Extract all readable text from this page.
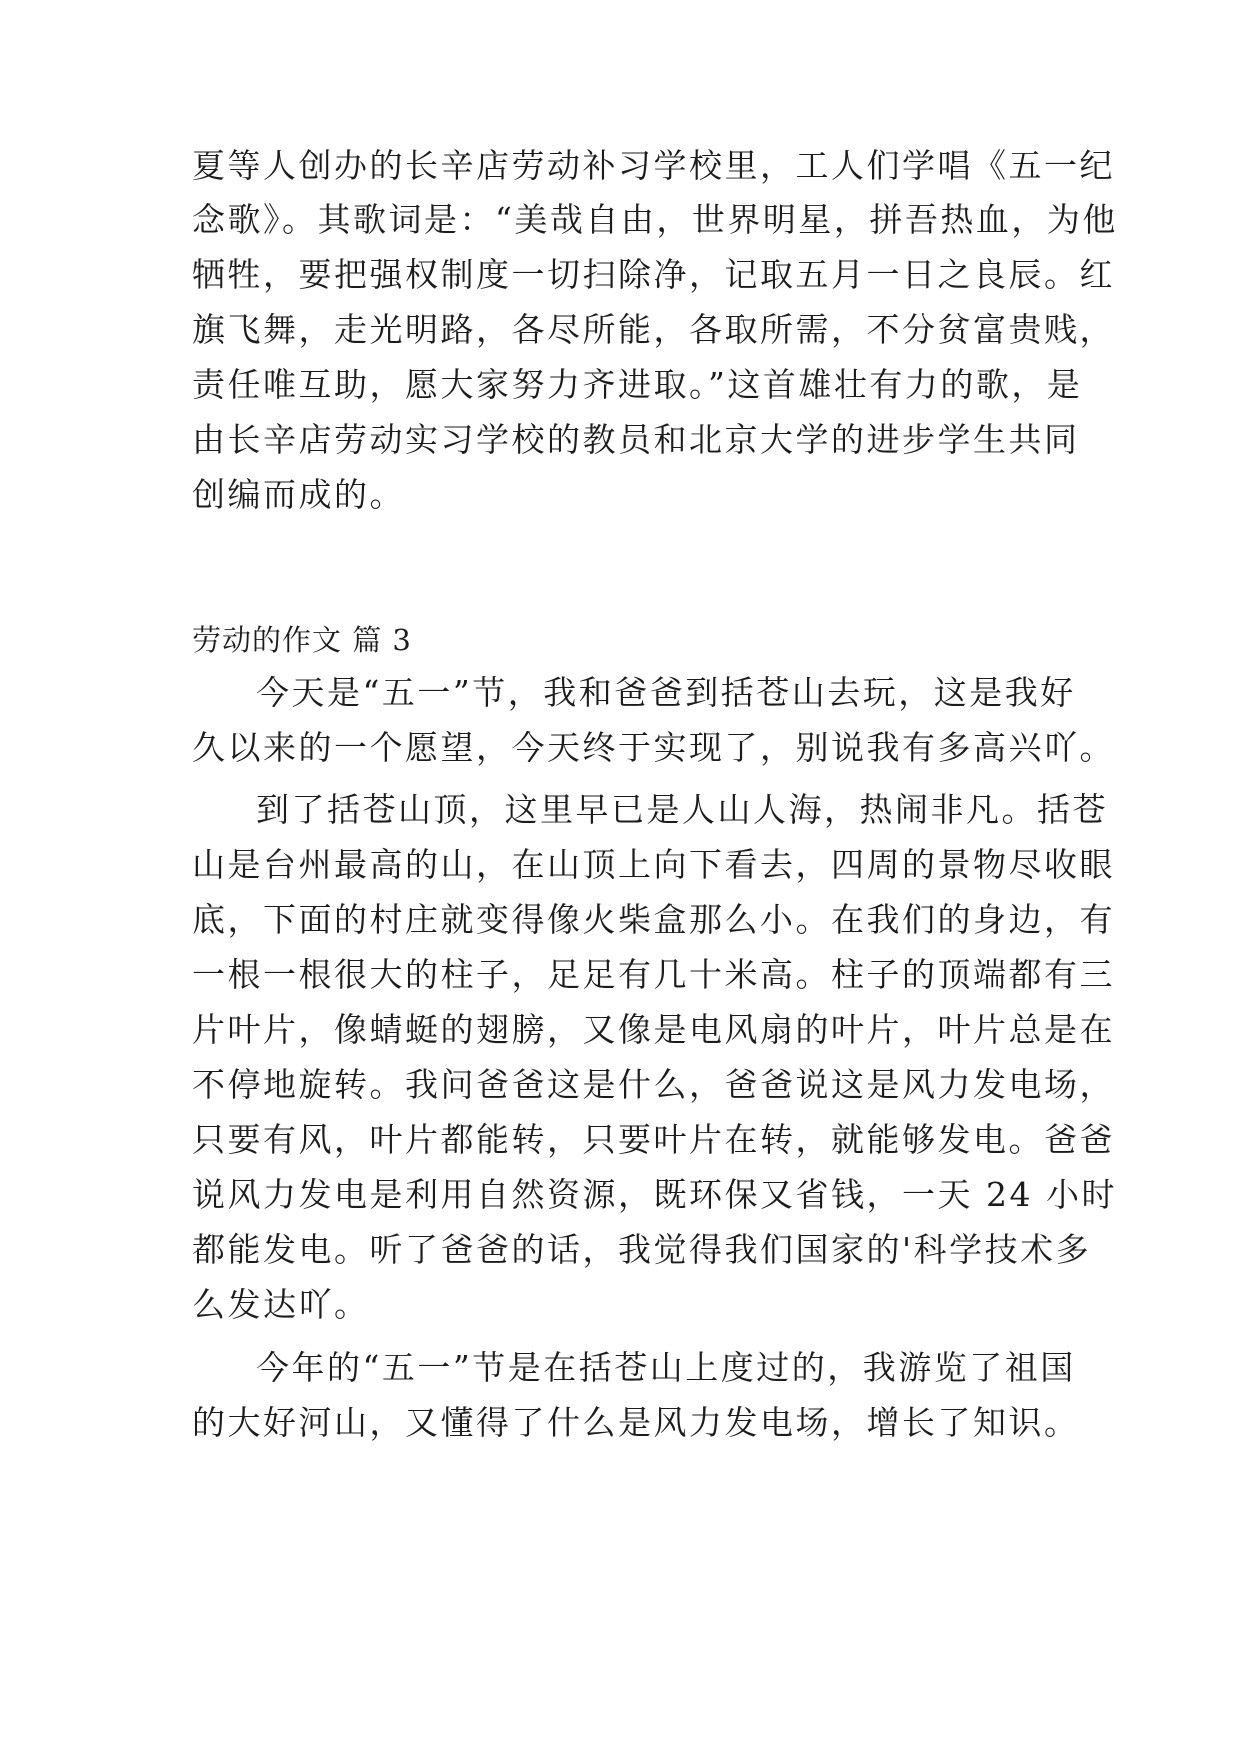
夏等人创办的长辛店劳动补习学校里，工人们学唱《五一纪
念歌》。其歌词是：“美哉自由，世界明星，拼吾热血，为他
牺牲，要把强权制度一切扫除净，记取五月一日之良辰。红
旗飞舞，走光明路，各尽所能，各取所需，不分贫富贵贱，
责任唯互助，愿大家努力齐进取。”这首雄壮有力的歌，是
由长辛店劳动实习学校的教员和北京大学的进步学生共同
创编而成的。
劳动的作文 篇 3
今天是“五一”节，我和爸爸到括苍山去玩，这是我好
久以来的一个愿望，今天终于实现了，别说我有多高兴吖。
到了括苍山顶，这里早已是人山人海，热闹非凡。括苍
山是台州最高的山，在山顶上向下看去，四周的景物尽收眼
底，下面的村庄就变得像火柴盒那么小。在我们的身边，有
一根一根很大的柱子，足足有几十米高。柱子的顶端都有三
片叶片，像蜻蜓的翅膀，又像是电风扇的叶片，叶片总是在
不停地旋转。我问爸爸这是什么，爸爸说这是风力发电场，
只要有风，叶片都能转，只要叶片在转，就能够发电。爸爸
说风力发电是利用自然资源，既环保又省钱，一天 24 小时
都能发电。听了爸爸的话，我觉得我们国家的'科学技术多
么发达吖。
今年的“五一”节是在括苍山上度过的，我游览了祖国
的大好河山，又懂得了什么是风力发电场，增长了知识。
